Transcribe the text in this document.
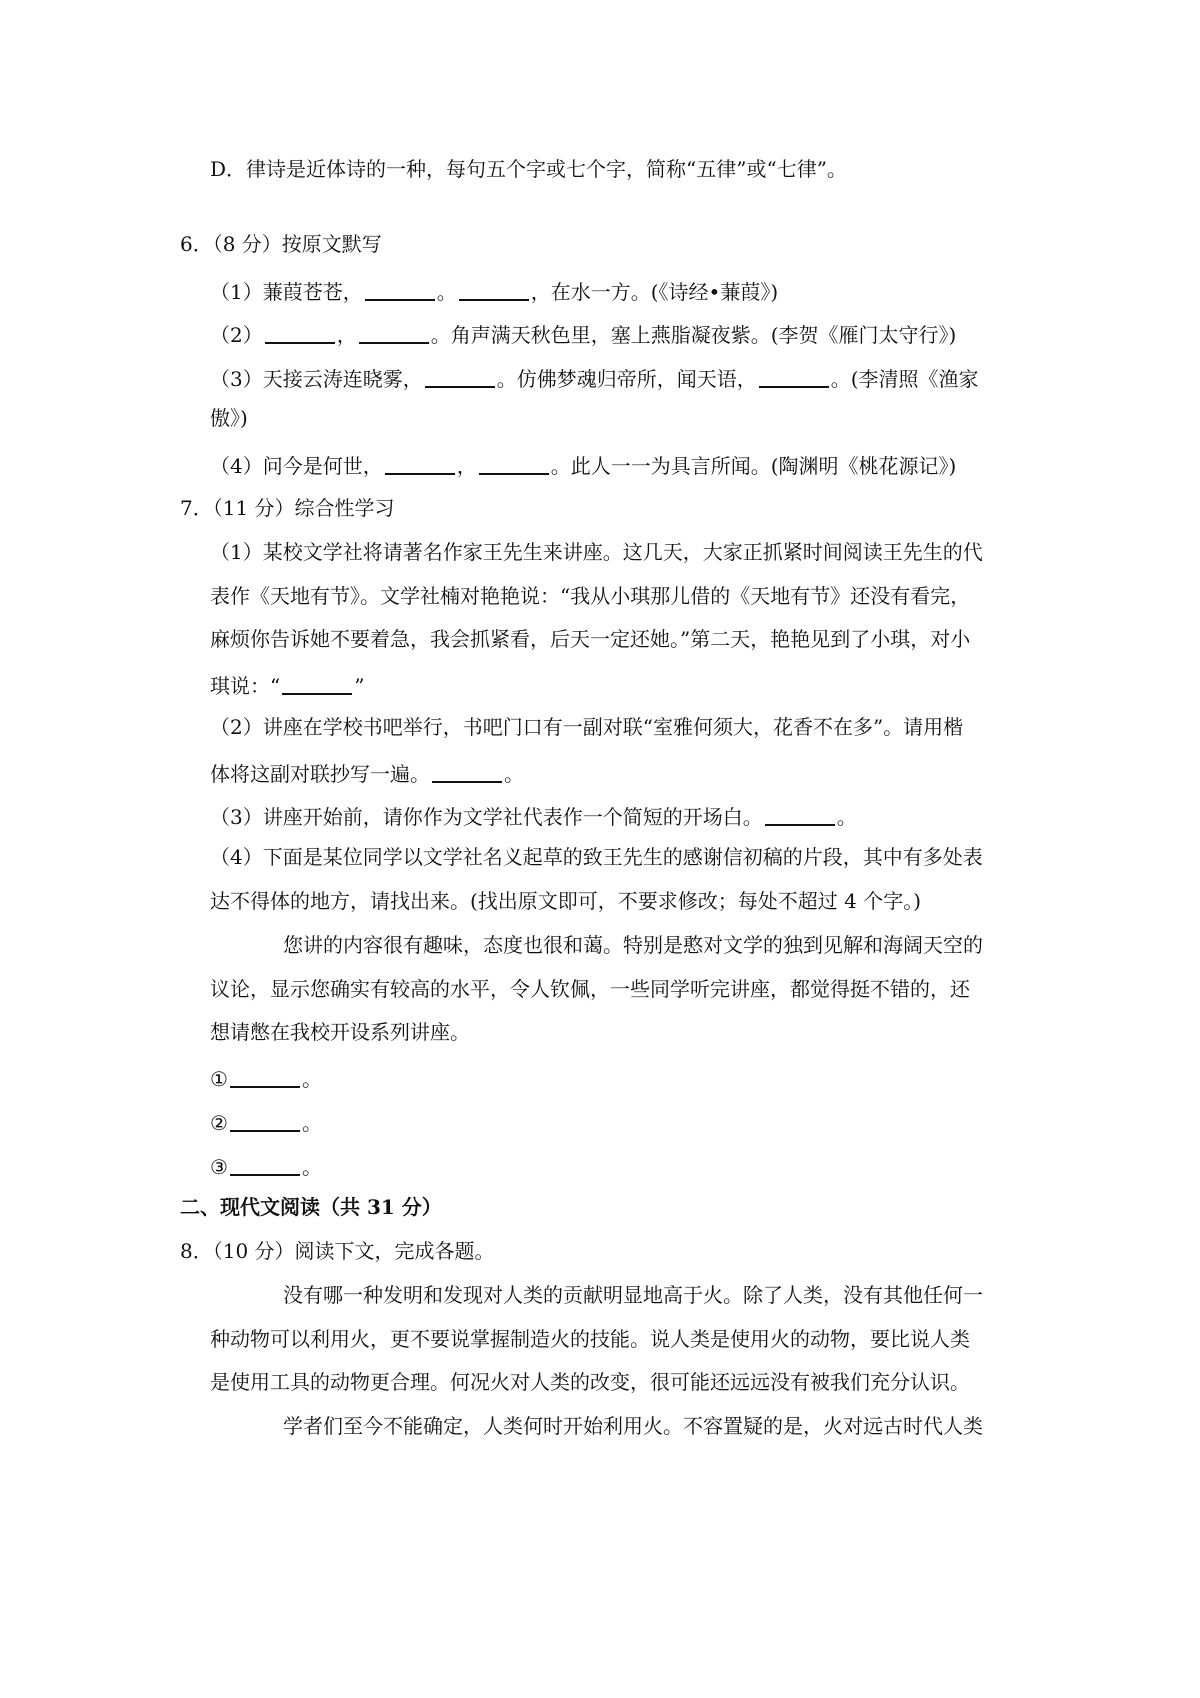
D．律诗是近体诗的一种，每句五个字或七个字，简称“五律”或“七律”。
6．（8 分）按原文默写
（1）蒹葭苍苍，	。	，在水一方。(《诗经•蒹葭》)
（2）	，	。角声满天秋色里，塞上燕脂凝夜紫。(李贺《雁门太守行》)
（3）天接云涛连晓雾，	。仿佛梦魂归帝所，闻天语，	。(李清照《渔家
傲》)
（4）问今是何世，	，	。此人一一为具言所闻。(陶渊明《桃花源记》)
7．（11 分）综合性学习
（1）某校文学社将请著名作家王先生来讲座。这几天，大家正抓紧时间阅读王先生的代
表作《天地有节》。文学社楠对艳艳说：“我从小琪那儿借的《天地有节》还没有看完，
麻烦你告诉她不要着急，我会抓紧看，后天一定还她。”第二天，艳艳见到了小琪，对小
琪说：“	”
（2）讲座在学校书吧举行，书吧门口有一副对联“室雅何须大，花香不在多”。请用楷
体将这副对联抄写一遍。	。
（3）讲座开始前，请你作为文学社代表作一个简短的开场白。	。
（4）下面是某位同学以文学社名义起草的致王先生的感谢信初稿的片段，其中有多处表
达不得体的地方，请找出来。(找出原文即可，不要求修改；每处不超过 4 个字。)
您讲的内容很有趣味，态度也很和蔼。特别是憨对文学的独到见解和海阔天空的
议论，显示您确实有较高的水平，令人钦佩，一些同学听完讲座，都觉得挺不错的，还
想请憋在我校开设系列讲座。
①	。
②	。
③	。
二、现代文阅读（共 31 分）
8．（10 分）阅读下文，完成各题。
没有哪一种发明和发现对人类的贡献明显地高于火。除了人类，没有其他任何一
种动物可以利用火，更不要说掌握制造火的技能。说人类是使用火的动物，要比说人类
是使用工具的动物更合理。何况火对人类的改变，很可能还远远没有被我们充分认识。
学者们至今不能确定，人类何时开始利用火。不容置疑的是，火对远古时代人类
